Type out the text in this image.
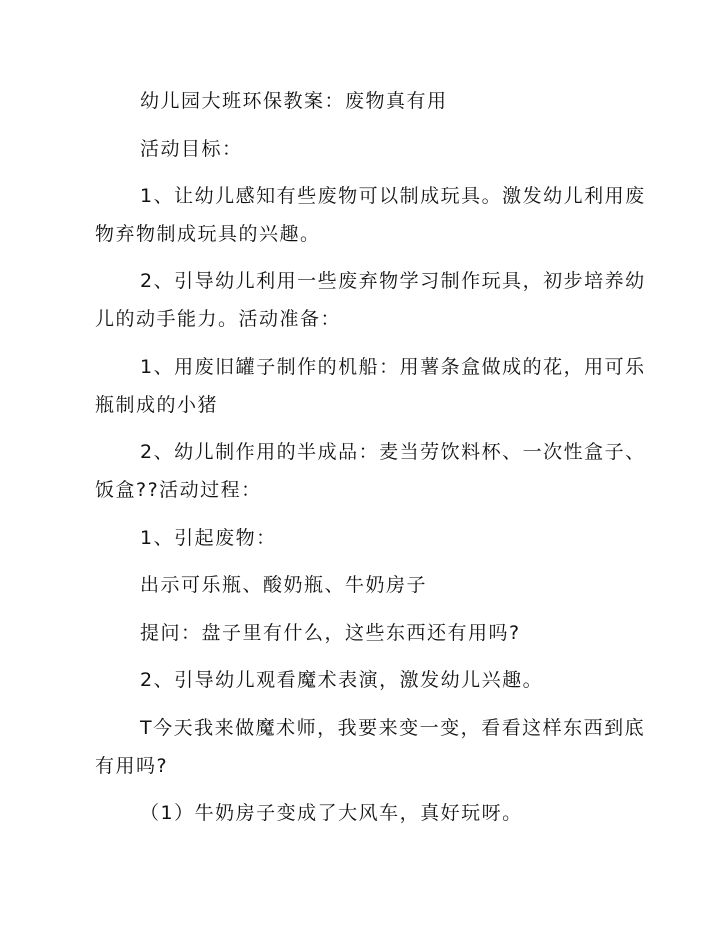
幼儿园大班环保教案：废物真有用
活动目标：
1、让幼儿感知有些废物可以制成玩具。激发幼儿利用废
物弃物制成玩具的兴趣。
2、引导幼儿利用一些废弃物学习制作玩具，初步培养幼
儿的动手能力。活动准备：
1、用废旧罐子制作的机船：用薯条盒做成的花，用可乐
瓶制成的小猪
2、幼儿制作用的半成品：麦当劳饮料杯、一次性盒子、
饭盒??活动过程：
1、引起废物：
出示可乐瓶、酸奶瓶、牛奶房子
提问：盘子里有什么，这些东西还有用吗?
2、引导幼儿观看魔术表演，激发幼儿兴趣。
T今天我来做魔术师，我要来变一变，看看这样东西到底
有用吗?
（1）牛奶房子变成了大风车，真好玩呀。
